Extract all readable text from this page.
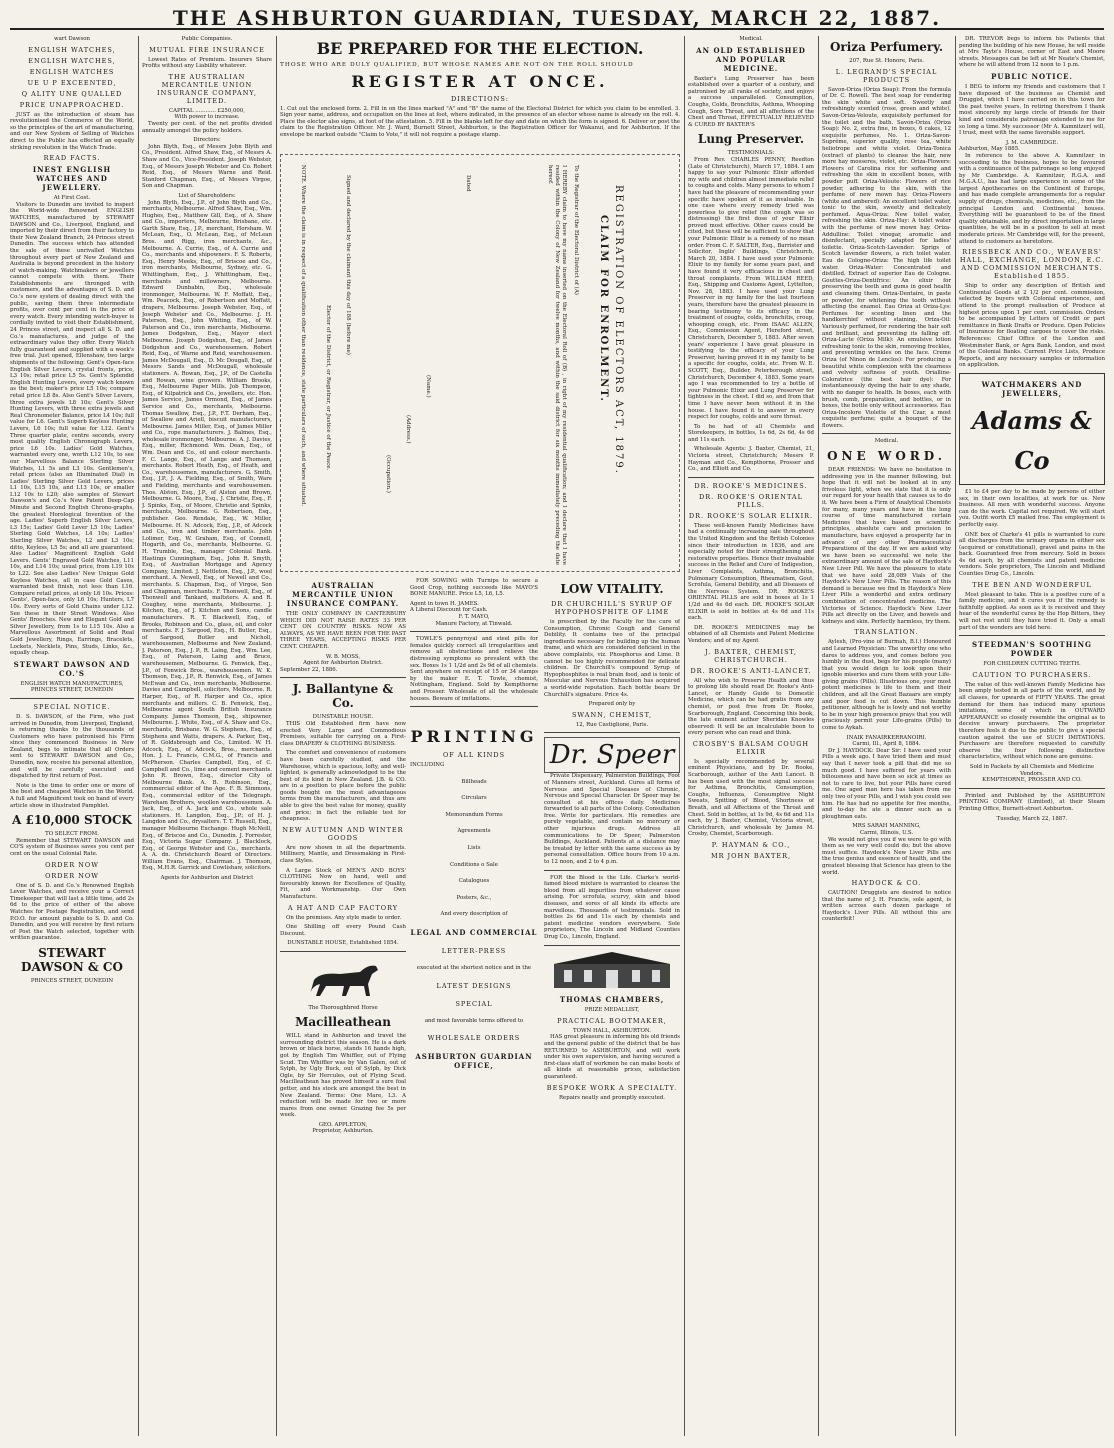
THE ASHBURTON GUARDIAN, TUESDAY, MARCH 22, 1887.
wart Dawson
ENGLISH WATCHES,
ENGLISH WATCHES,
ENGLISH WATCHES
UE U P EXCEENTED,
Q ALITY UNE QUALLED
PRICE UNAPPROACHED.

JUST as the introduction of steam has revolutionised the Commerce of the World, so the principles of the art of manufacturing, and our New System of Selling of Watches direct to the Public has effected an equally striking revolution in the Watch Trade.

READ FACTS.
INEST ENGLISH WATCHES AND JEWELLERY.
At First Cost.

Visitors to Dunedin are invited to inspect the World-wide Renowned ENGLISH WATCHES, manufactured by STEWART DAWSON and Co., Liverpool, England, and imported by their direct from their factory to their New Zealand Branch, 24 Princes street Dunedin. The success which has attended the sale of these unrivalled Watches throughout every part of New Zealand and Australia is beyond precedent in the history of watch-making. Watchmakers or jewellers cannot compete with them. Their Establishments are thronged with customers, and the advantages of S. D. and Co.'s new system of dealing direct with the public, saving them three intermediate profits, over cent per cent in the price of every watch. Every intending watch-buyer is cordially invited to visit their Establishment, 24 Princes street, and inspect all S. D. and Co.'s manufactures, and judge of the extraordinary value they offer. Every Watch fully guaranteed and supplied with a week's free trial. Just opened, Ellenshaw, two large shipments of the following: Gent's Open-face English Silver Levers, crystal fronts, price, L3 10s; retail price L5 5s. Gent's Splendid English Hunting Levers, every watch known as the best; maker's price L5 10s; compare retail price L8 8s. Also Gent's Silver Levers, three extra jewels L8 10s; Gent's Silver Hunting Levers, with three extra jewels and Real Chronometer Balance, price L4 10s; full value for L6. Gent's Superb Keyless Hunting Levers, L6 10s; full value for L12. Gent's Three quarter plate, centre seconds, every most quality English Chronograph Levers, price L6 10s. Ladies' Gold Watches, warranted every one, worth L12 10s, to see our Marvellous Balance Sterling Silver Watches, L1 5s and L3 10s. Gentlemen's, retail prices (also an Illuminated Dial) in Ladies' Sterling Silver Gold Levers, prices L1 10s, L15 10s, and L13 10s, or smaller L12 10s to L20; also samples of Stewart Dawson's and Co.'s New Patent Deep-Cap Minute and Second English Chrono-graphs, the greatest Horological Invention of the age. Ladies' Superb English Silver Levers, L3 15s; Ladies' Gold Lever L5 10s; Ladies' Sterling Gold Watches, L4 10s; Ladies' Sterling Silver Watches, L2 and L3 10s; ditto, Keyless, L5 5s; and all are guaranteed. Also Ladies' Magnificent English Gold Levers. Gents' Engraved Gold Watches, L11 10s, and L14 10s; usual price, from L19 10s to L22. See also Ladies' New Unique Gold Keyless Watches, all in case Gold Cases, warranted best finish, not less than L16. Compare retail prices, at only L6 10s. Prices: Gents', Open-face, only L6 10s; Hunters, L7 10s. Every sorts of Gold Chains under L12. See these in their Street Windows. Also Gents' Brooches. New and Elegant Gold and Silver Jewellery, from 1s to L15 10s. Also a Marvellous Assortment of Solid and Real Gold Jewellery, Rings, Earrings, Bracelets, Lockets, Necklets, Pins, Studs, Links, &c., equally cheap.

STEWART DAWSON AND CO.'S
ENGLISH WATCH MANUFACTURES,
PRINCES STREET, DUNEDIN
SPECIAL NOTICE.

D. S. DAWSON, of the Firm, who just arrived in Dunedin, from Liverpool, England, is returning thanks to the thousands of Customers who have patronised his Firm since they commenced Business in New Zealand, begs to intimate that all Orders sent to STEWART DAWSON and Co., Dunedin, now, receive his personal attention, and will be carefully executed and dispatched by first return of Post.

Note is the time to order one or more of the best and cheapest Watches in the World. A full and Magnificent took on hand of every article show in illustrated Pamphlet.

A £10,000 STOCK
TO SELECT FROM.

Remember that STEWART DAWSON and CO'S system of Business saves you cent per cent on the usual Colonial Rate.

ORDER NOW
ORDER NOW

One of S. D. and Co.'s Renowned English Lever Watches, and receive your a Correct Timekeeper that will last a little time, add 2s 6d to the price of either of the above Watches for Postage Registration, and send P.O.O. for amount payable to S. D. and Co. Dunedin, and you will receive by first return of Post the Watch selected, together with written guarantee.

STEWART DAWSON & CO
PRINCES STREET, DUNEDIN
Public Companies.
MUTUAL FIRE INSURANCE

Lowest Rates of Premium. Insurers Share Profits without any Liability whatever.

THE AUSTRALIAN MERCANTILE UNION INSURANCE COMPANY, LIMITED.
CAPITAL ............ £250,000,
With power to increase.

Twenty per cent. of the net profits divided annually amongst the policy holders.

Directors:

John Blyth, Esq., of Messrs John Blyth and Co., President. Alfred Shaw, Esq., of Messrs A. Shaw and Co., Vice-President. Joseph Webster, Esq., of Messrs Joseph Webster and Co. Robert Reid, Esq., of Messrs Warne and Reid. Stanford Chapman, Esq., of Messrs Virgoe, Son and Chapman.

List of Shareholders:

John Blyth, Esq., J.P., of John Blyth and Co., merchants, Melbourne. Alfred Shaw, Esq., Wm. Hughes, Esq., Matthew Gill, Esq., of A. Shaw and Co., importers, Melbourne, Brisbane, etc. Garth Shaw, Esq., J.P., merchant, Horsham. W. McLean, Esq., O. McLean, Esq., of McLean Bros. and Rigg, iron merchants, &c., Melbourne. A. Currie, Esq., of A. Currie and Co., merchants and shipowners. F. S. Roberts, Esq., Henry Meeks, Esq., of Briscoe and Co., iron merchants, Melbourne, Sydney, etc. G. Whittingham, Esq., J. Whittingham, Esq., merchants and millowners, Melbourne. Edward Dunbabin, Esq., wholesale ironmonger, Melbourne. W. F. Moffatt, Esq., Wm. Peacock, Esq., of Robertson and Moffatt, drapers, Melbourne. Joseph Webster, Esq., of Joseph Webster and Co., Melbourne. J. H. Paterson, Esq., John Whiting, Esq., of W. Paterson and Co., iron merchants, Melbourne. James Dodgshun, Esq., Mayor elect Melbourne. Joseph Dodgshun, Esq., of James Dodgshun and Co., warehousemen. Robert Reid, Esq., of Warne and Reid, warehousemen. James McDougall, Esq., D. Mc Dougall, Esq., of Messrs Sands and McDougall, wholesale stationers. A. Rowan, Esq., J.P., of De Castella and Rowan, wine growers. William Brooks, Esq., Melbourne Paper Mills. Job Thompson, Esq., of Kilpatrick and Co., jewellers, etc. Hon. James Service, James Ormond, Esq., of James Service and Co., merchants, Melbourne. Thomas Swallow, Esq., J.P., F.T. Derham, Esq., of Swallow and Ariell, biscuit manufacturers, Melbourne. James Miller, Esq., of James Miller and Co., rope manufacturers. J. Balmes, Esq., wholesale ironmonger, Melbourne. A. J. Davies, Esq., miller, Richmond. Wm. Dean, Esq., of Wm. Dean and Co., oil and colour merchants. F. C. Lange, Esq., of Lange and Thomsen, merchants. Robert Heath, Esq., of Heath, and Co., warehousemen, manufacturers. G. Smith, Esq., J.P., J. A. Fielding, Esq., of Smith, Ware and Fielding, merchants and warehousemen. Thos. Alston, Esq., J.P., of Alston and Brown, Melbourne. G. Moore, Esq., J. Christie, Esq., F. J. Spinks, Esq., of Moore, Christie and Spinks, merchants, Melbourne. G. Robertson, Esq., publisher. Geo. Rendale, Esq., W. Miller, Melbourne. H. N. Adcock, Esq., J.P., of Adcock and Co., iron and timber merchants. John Lolimer, Esq., W. Graham, Esq., of Connell, Hogarth, and Co., merchants, Melbourne. G. H. Trumble, Esq., manager Colonial Bank. Hastings Cunningham, Esq., John R. Smyth, Esq., of Australian Mortgage and Agency Company, Limited. J. Nettleton, Esq., J.P., wool merchant. A. Newell, Esq., of Newell and Co., merchants. S. Chapman, Esq., of Virgoe, Son and Chapman, merchants. F. Thonwell, Esq., of Thonwell and Tankard, maltsters. A. and R. Coughey, wine merchants, Melbourne. J. Kitchen, Esq., of J. Kitchen and Sons, candle manufacturers. R. T. Blackwell, Esq., of Brooks, Robinson and Co., glass, oil, and color merchants. F. J. Sargood, Esq., H. Butler, Esq., of Sargood, Butler and Nicholl, warehousemen, Melbourne and New Zealand. J. Paterson, Esq., J. P., R. Laing, Esq., Wm. Lee, Esq., of Paterson, Laing and Bruce, warehousemen, Melbourne. G. Fenwick, Esq., J.P., of Fenwick Bros., warehousemen. W. K. Thomson, Esq., J.P., R. Renwick, Esq., of James McEwan and Co., iron merchants, Melbourne. Davies and Campbell, solicitors, Melbourne. R. Harper, Esq., of R. Harper and Co., spice merchants and millers. C. B. Fenwick, Esq., Melbourne agent South British Insurance Company. James Thomson, Esq., shipowner, Melbourne. J. White, Esq., of A. Shaw and Co., merchants, Brisbane. W. G. Stephens, Esq., of Stephens and Watts, drapers. A. Parker, Esq., of R. Goldsbrough and Co., Limited. W. H. Adcock, Esq., of Adcock, Bros., merchants. Hon. J. L. Francis, C.M.G., of Francis and McPherson. Charles Campbell, Esq., of C. Campbell and Co., lime and cement merchants. John R. Brown, Esq., director City of Melbourne Bank. A. B. Robinson, Esq., commercial editor of the Age. F. B. Simmons, Esq., commercial editor of the Telegraph. Wareham Brothers, woollen warehousemen. A. Jack, Esq., of A. Jack and Co., whole sale stationers. H. Langdon, Esq., J.P.; of H. J. Langdon and Co., drysalters. T. T. Russell, Esq., manager Melbourne Exchange. Hugh McNeill, Esq., of Briscoe and Co., Dunedin. J. Forrester, Esq., Victoria Sugar Company. J. Blacklock, Esq., of George Webster and Co., merchants. A. A. dn. Christchurch Board of Directors. William Evans, Esq., Chairman. J. Thomson, Esq., M.H.R. Garrick and Cowlishaw, solicitors.

Agents for Ashburton and District
BE PREPARED FOR THE ELECTION.
THOSE WHO ARE DULY QUALIFIED, BUT WHOSE NAMES ARE NOT ON THE ROLL SHOULD
REGISTER AT ONCE.
DIRECTIONS:

1. Cut out the enclosed form. 2. Fill in on the lines marked "A" and "B" the name of the Electoral District for which you claim to be enrolled. 3. Sign your name, address, and occupation on the lines at foot, where indicated, in the presence of an elector whose name is already on the roll. 4. Place the elector also signs, at foot of the attestation. 5. Fill in the blanks left for day and date on which the form is signed. 6. Deliver or post the claim to the Registration Officer. Mr. J. Ward, Burnett Street, Ashburton, is the Registration Officer for Wakanui, and for Ashburton. If the envelope be marked outside "Claim to Vote," it will not require a postage stamp.

REGISTRATION OF ELECTORS ACT, 1879.
CLAIM FOR ENROLMENT.
To the Registrar of the Electoral District of (A)
I HEREBY claim to have my name inserted on the Electoral Roll of (B) , in right of my residential qualification; and I declare that I have resided within the Colony of New Zealand for twelve months, and within the said district for six months immediately preceding the date hereof.
(Name.)
(Address.)
(Occupation.)
Dated
Signed and declared by the claimant this day of 188 (before me)
Elector of the District, or Registrar, or Justice of the Peace.
NOTE. Where the claim is in respect of a qualification other than residence, state particulars of such, and where situated.
AUSTRALIAN MERCANTILE UNION INSURANCE COMPANY.

THE ONLY COMPANY IN CANTERBURY WHICH DID NOT RAISE RATES 33 PER CENT ON COUNTRY RISKS. NOW AS ALWAYS, AS WE HAVE BEEN FOR THE PAST THREE YEARS, ACCEPTING RISKS PER CENT. CHEAPER.

W. B. MOSS,
Agent for Ashburton District.
September 22, 1886.
J. Ballantyne & Co.
DUNSTABLE HOUSE.

THIS Old Established firm have now erected Very Large and Commodious Premises, suitable for carrying on a First-class DRAPERY & CLOTHING BUSINESS.

The comfort and convenience of customers have been carefully studied, and the Warehouse, which is spacious, lofty, and well-lighted, is generally acknowledged to be the best of its kind in New Zealand. J.B. & CO. are in a position to place before the public goods bought on the most advantageous terms from the manufacturers, and thus are able to give the best value for money, quality and price; in fact the reliable test for cheapness.

NEW AUTUMN AND WINTER GOODS

Are now shown in all the departments. Millinery, Mantle, and Dressmaking in First-class Styles.

A Large Stock of MEN'S AND BOYS' CLOTHING Now on hand, well and favourably known for Excellence of Quality, Fit, and Workmanship. Our Own Manufacture.

A HAT AND CAP FACTORY

On the premises. Any style made to order.

One Shilling off every Pound Cash Discount.

DUNSTABLE HOUSE, Established 1854.
The Thoroughbred Horse
Macilleathean

WILL stand in Ashburton and travel the surrounding district this season. He is a dark brown or black horse, stands 16 hands high, got by English Tim Whiffler, out of Flying Scud. Tim Whiffler was by Van Galen, out of Sylph, by Ugly Buck, out of Sylph, by Dick Ogle, by Sir Hercules, out of Flying Scud. Macilleathean has proved himself a sure foal getter, and his stock are amongst the best in New Zealand. Terms: One Mare, L3. A reduction will be made for two or more mares from one owner. Grazing fee 5s per week.

GEO. APPLETON,
Proprietor, Ashburton.

FOR SOWING with Turnips to secure a Good Crop, nothing succeeds like MAYO'S BONE MANURE. Price L5, L6, L5.

Agent in town H. JAMES.
A Liberal Discount for Cash.
F. T. MAYO,
Manure Factory, at Tinwald.

TOWLE'S pennyroyal and steel pills for females quickly correct all irregularities and remove all obstructions and relieve the distressing symptoms so prevalent with the sex. Boxes 1s 1 1/2d and 2s 9d of all chemists. Sent anywhere on receipt of 15 or 34 stamps by the maker E. T. Towle, chemist, Nottingham, England. Sold by Kempthorne and Prosser. Wholesale of all the wholesale houses. Beware of imitations.

PRINTING
OF ALL KINDS
INCLUDING
Billheads
Circulars
Memorandum Forms
Agreements
Lists
Conditions o Sale
Catalogues
Posters, &c.,
And every description of
LEGAL AND COMMERCIAL
LETTER-PRESS
executed at the shortest notice and in the
LATEST DESIGNS
SPECIAL
and most favorable terms offered to
WHOLESALE ORDERS
ASHBURTON GUARDIAN OFFICE,
LOW VITALITY.
DR CHURCHILL'S SYRUP OF HYPOPHOSPHITE OF LIME

is prescribed by the Faculty for the cure of Consumption, Chronic Cough and General Debility. It contains two of the principal ingredients necessary for building up the human frame, and which are considered deficient in the above complaints, viz. Phosphorus and Lime. It cannot be too highly recommended for delicate children. Dr Churchill's compound Syrup of Hypophosphites is real brain food, and is tonic of Muscular and Nervous Exhaustion has acquired a world-wide reputation. Each bottle bears Dr Churchill's signature. Price 4s.

Prepared only by
SWANN, CHEMIST,
12, Rue Castiglione, Paris.
Dr. Speer

Private Dispensary, Palmerston Buildings, Foot of Manners street, Auckland. Cures all forms of Nervous and Special Diseases of Chronic, Nervous and Special Character. Dr Speer may be consulted at his offices daily. Medicines forwarded to all parts of the Colony. Consultation free. Write for particulars. His remedies are purely vegetable, and contain no mercury or other injurious drugs. Address all communications to Dr Speer, Palmerston Buildings, Auckland. Patients at a distance may be treated by letter with the same success as by personal consultation. Office hours from 10 a.m. to 12 noon, and 2 to 4 p.m.

FOR the Blood is the Life. Clarke's world-famed blood mixture is warranted to cleanse the blood from all impurities from whatever cause arising. For scrofula, scurvy, skin and blood diseases, and sores of all kinds its effects are marvellous. Thousands of testimonials. Sold in bottles 2s 6d and 11s each by chemists and patent medicine vendors everywhere. Sole proprietors, The Lincoln and Midland Counties Drug Co., Lincoln, England.

THOMAS CHAMBERS,
PRIZE MEDALLIST,
PRACTICAL BOOTMAKER,
TOWN HALL, ASHBURTON.

HAS great pleasure in informing his old friends and the general public of the district that he has RETURNED to ASHBURTON, and will work under his own supervision, and having secured a first-class staff of workmen he can make boots of all kinds at reasonable prices, satisfaction guaranteed.

BESPOKE WORK A SPECIALTY.
Repairs neatly and promptly executed.
Medical.
AN OLD ESTABLISHED AND POPULAR MEDICINE.

Baxter's Lung Preserver has been established over a quarter of a century, and patronised by all ranks of society, and enjoys a success unparalleled. Consumption, Coughs, Colds, Bronchitis, Asthma, Whooping Cough, Sore Throat, and all affections of the Chest and Throat, EFFECTUALLY RELIEVED & CURED BY BAXTER'S

Lung Preserver.
TESTIMONIALS:

From Rev. CHARLES PENNY, Reedton (Late of Christchurch), March 17, 1884. I am happy to say your Pulmonic Elixir afforded my wife and children almost immediate relief to coughs and colds. Many persons to whom I have had the pleasure of recommending your specific have spoken of it as invaluable. In one case where every remedy tried was powerless to give relief (the cough was so distressing) the first dose of your Elixir proved most effective. Other cases could be cited, but these will be sufficient to show that your Pulmonic Elixir is a remedy of no mean order. From C. F. SALTER, Esq., Barrister and Solicitor, Inglis' Buildings, Christchurch, March 20, 1884. I have used your Pulmonic Elixir to my family for some years past, and have found it very efficacious in chest and throat complaints. From WILLIAM REED, Esq., Shipping and Customs Agent, Lyttelton, Nov. 28, 1883. I have used your Lung Preserver in my family for the last fourteen years, therefore have the greatest pleasure in bearing testimony to its efficacy in the treatment of coughs, colds, bronchitis, croup, whooping cough, etc. From ISAAC ALLEN, Esq., Commission Agent, Hereford street, Christchurch, December 5, 1883. After seven years' experience I have great pleasure in testifying to the efficacy of your Lung Preserver, having proved it in my family to be a specific for coughs, colds, etc. From W. E. SCOTT, Esq., Builder, Peterborough street, Christchurch, December 4, 1883. Some years ago I was recommended to try a bottle of your Pulmonic Elixir and Lung Preserver for tightness in the chest. I did so, and from that time I have never been without it in the house. I have found it to answer in every respect for coughs, colds and sore throat.

To be had of all Chemists and Storekeepers, in bottles, 1s 6d, 2s 6d, 4s 6d and 11s each.

Wholesale Agents: J. Baxter, Chemist, 21, Victoria street, Christchurch; Messrs P. Hayman and Co., Kempthorne, Prosser and Co., and Elliott and Co.

DR. ROOKE'S MEDICINES.
DR. ROOKE'S ORIENTAL PILLS.
DR. ROOKE'S SOLAR ELIXIR.

These well-known Family Medicines have had a continually increasing sale throughout the United Kingdom and the British Colonies since their introduction in 1836, and are especially noted for their strengthening and restorative properties. Hence their invaluable success in the Relief and Cure of Indigestion, Liver Complaints, Asthma, Bronchitis, Pulmonary Consumption, Rheumatism, Gout, Scrofula, General Debility, and all Diseases of the Nervous System. DR. ROOKE'S ORIENTAL PILLS are sold in boxes at 1s 1 1/2d and 4s 6d each. DR. ROOKE'S SOLAR ELIXIR is sold in bottles at 4s 6d and 11s each.

DR. ROOKE'S MEDICINES may be obtained of all Chemists and Patent Medicine Vendors; and of my Agent

J. BAXTER, CHEMIST, CHRISTCHURCH.
DR. ROOKE'S ANTI-LANCET.

All who wish to Preserve Health and thus to prolong life should read Dr. Rooke's Anti-Lancet, or Handy Guide to Domestic Medicine, which can be had gratis from any chemist, or post free from Dr. Rooke, Scarborough, England. Concerning this book, the late eminent author Sheridan Knowles observed: It will be an incalculable boon to every person who can read and think.

CROSBY'S BALSAM COUGH ELIXIR

Is specially recommended by several eminent Physicians, and by Dr. Rooke, Scarborough, author of the Anti Lancet. It has been used with the most signal success for Asthma, Bronchitis, Consumption, Coughs, Influenza, Consumptive Night Sweats, Spitting of Blood, Shortness of Breath, and all Affections of the Throat and Chest. Sold in bottles, at 1s 9d, 4s 6d and 11s each, by J. Baxter, Chemist, Victoria street, Christchurch, and wholesale by James M. Crosby, Chemist, Scarborough.

P. HAYMAN & CO.,
MR JOHN BAXTER,
Oriza Perfumery.
207, Rue St. Honore, Paris.
L. LEGRAND'S SPECIAL PRODUCTS

Savon-Oriza (Oriza Soap): From the formula of Dr. C. Rowell. The best soap for rendering the skin white and soft. Sweetly and refreshingly scented (rose, green and white). Savon-Oriza-Veloute, exquisitely perfumed for the toilet and the bath. Savon-Oriza (Oriza Soap): No. 2, extra fine, in boxes, 6 cakes, 12 exquisite perfumes, No. 1. Oriza-Savon-Suprême, superior quality, rose tea, white heliotrope and white violet. Oriza-Tonica (extract of plants) to cleanse the hair, new more hay mosseres, violet, etc. Oriza-Flowers: Flowers of Carolina rice for softening and refreshing the skin in excellent boxes, with powder puff. Oriza-Veloute: Flowers of rice powder, adhering to the skin, with the perfume of new mown hay. Oriza-Flowers (white and ambered): An excellent toilet water, tonic to the skin, sweetly and delicately perfumed. Aqua-Oriza: New toilet water, refreshing the skin. Oriza-Hay: A toilet water with the perfume of new mown hay. Oriza-Addulline: Toilet vinegar, aromatic and disinfectant, specially adapted for ladies' toilette. Oriza-Scotch-Lavender: Sprigs of Scotch lavender flowers, a rich toilet water. Eau de Cologne-Oriza: The high life toilet water. Oriza-Water: Concentrated and distilled. Extract of superior Eau de Cologne. Gouttes-Oriza-Dentifrice: An elixir for preserving the teeth and gums in good health and cleansing them. Oriza-Dentaire, in paste or powder, for whitening the tooth without affecting the enamel. Eau Oriza at Oriza-Lys: Perfumes for scenting linen and the handkerchief without staining. Oriza-Oil: Variously perfumed, for rendering the hair soft and brilliant, and preventing its falling off. Oriza-Lacte (Oriza Milk): An emulsive lotion refreshing tonic to the skin, removing freckles, and preventing wrinkles on the face. Creme Oriza (of Ninon de Lenclos): For producing a beautiful white complexion with the clearness and velvety softness of youth. Orialline-Coloratrice (the best hair dye): For instantaneously dyeing the hair to any shade, with no danger to health. In boxes, each with brush, comb, preparation, and bottles, or in boxes, the bottle only without accessories. Eau Oriza-Incolore Violette of the Czar, a most exquisite perfume; quite a bouquet of the flowers.

Medical.
ONE WORD.

DEAR FRIENDS: We have no hesitation in addressing you in the manner following, but hope that it will not be looked at in any frivolous light, when we state that it is only our regard for your health that causes us to do it. We have been a Firm of Analytical Chemists for many, many years and have in the long course of time manufactured certain Medicines that have based on scientific principles, absolute care and precision in manufacture, have enjoyed a prosperity far in advance of any other Pharmaceutical Preparations of the day. If we are asked why we have been so successful we note the extraordinary amount of the sale of Haydock's New Liver Pill. We have the pleasure to state that we have sold 28,089 Vials of the Haydock's New Liver Pills. The reason of this demand is because we find in Haydock's New Liver Pills a wonderful and extra ordinary combination of concentrated medicine. The Victories of Science. Haydock's New Liver Pills act directly on the Liver, and bowels and kidneys and skin. Perfectly harmless, try them.

TRANSLATION.

Aylesh, (Pro-vine of Burmah, B.I.) Honoured and Learned Physician: The unworthy one who dares to address you, and comes before you humbly in the dust, begs for his people (many) that you would deign to look upon their ignoble miseries and cure them with your Life-giving grains (Pills). Illustrious one, your most potent medicines is life to them and their children, and all the Great Bazaars are empty and poor food is cut down. This humble petitioner, although he is lowly and not worthy to be in your high presence prays that you will graciously permit your Life-grains (Pills) to come to Aykah.

INAIK FANAIRKERRANOIRI.
Carmi, Ill., April 8, 1884.

Dr J. HAYDOCK: Dear Sir: I have used your Pills a week ago. I have tried them and must say that I never took a pill that did me so much good. I have suffered for years with biliousness and have been so sick at times as not to care to live, but your Pills have cured me. One aged man here has taken from me only two of your Pills, and I wish you could see him. He has had no appetite for five months, and to-day he ate a dinner such as a ploughman eats.

MRS SARAH MANNING,
Carmi, Illinois, U.S.

We would not give you if we were to go with them as we very well could do; but the above must suffice. Haydock's New Liver Pills are the true genius and essence of health, and the greatest blessing that Science has given to the world.

HAYDOCK & CO.

CAUTION! Druggists are desired to notice that the name of J. H. Francis, sole agent, is written across each dozen package of Haydock's Liver Pills. All without this are counterfeit!

DR. TREVOR begs to inform his Patients that pending the building of his new House, he will reside at Mrs Tayte's House, corner of East and Moore streets. Messages can be left at Mr Neate's Chemist, where he will attend from 12 noon to 1 p.m.

PUBLIC NOTICE.

I BEG to inform my friends and customers that I have disposed of the business as Chemist and Druggist, which I have carried on in this town for the past twelve years. In retiring therefrom I thank most sincerely my large circle of friends for their kind and considerate patronage extended to me for so long a time. My successor (Mr A. Kamnitzer) will, I trust, meet with the same favorable support.

J. M. CAMBRIDGE.
Ashburton, May 1885.

In reference to the above A. Kamnitzer in succeeding to the business, hopes to be favoured with a continuance of the patronage so long enjoyed by Mr Cambridge. A. Kamnitzer, R.G.A. and M.G.A.U., has had large experience in some of the largest Apothecaries on the Continent of Europe, and has made complete arrangements for a regular supply of drugs, chemicals, medicines, etc., from the principal London and Continental houses. Everything will be guaranteed to be of the finest quality obtainable, and by direct importation in large quantities, he will be in a position to sell at most moderate prices. Mr Cambridge will, for the present, attend to customers as heretofore.

RIESSBECK AND CO., WEAVERS' HALL, EXCHANGE, LONDON, E.C. AND COMMISSION MERCHANTS. Established 1855.

Ship to order any description of British and Continental Goods at 2 1/2 per cent. commission, selected by buyers with Colonial experience, and attend to the prompt realisation of Produce at highest prices upon 1 per cent. commission. Orders to be accompanied by Letters of Credit or part remittance in Bank Drafts or Produce. Open Policies of Insurance for floating cargoes to cover the risks. References: Chief Office of the London and Westminster Bank, or Agra Bank, London, and most of the Colonial Banks. Current Price Lists, Produce Reports, and any necessary samples or information on application.

WATCHMAKERS AND JEWELLERS,
Adams & Co

£1 to £4 per day to be made by persons of either sex, in their own localities, at work for us. New business. All men with wonderful success. Anyone can do the work. Capital not required. We will start you. Outfit worth £5 mailed free. The employment is perfectly easy.

ONE box of Clarke's 41 pills is warranted to cure all discharges from the urinary organs in either sex (acquired or constitutional), gravel and pains in the back. Guaranteed free from mercury. Sold in boxes 4s 6d each, by all chemists and patent medicine vendors. Sole proprietors, The Lincoln and Midland Counties Drug Co., Lincoln.

THE BEN AND WONDERFUL

Most pleasant to take. This is a positive cure of a family medicine, and it cures you if the remedy is faithfully applied. As soon as it is received and they hear of the wonderful cures by the Hop Bitters, they will not rest until they have tried it. Only a small part of the wonders are told here.

STEEDMAN'S SOOTHING POWDER
FOR CHILDREN CUTTING TEETH.
CAUTION TO PURCHASERS.

The value of this well-known Family Medicine has been amply tested in all parts of the world, and by all classes, for upwards of FIFTY YEARS. The great demand for them has induced many spurious imitations, some of which in OUTWARD APPEARANCE so closely resemble the original as to deceive unwary purchasers. The proprietor therefore feels it due to the public to give a special caution against the use of SUCH IMITATIONS. Purchasers are therefore requested to carefully observe the four following distinctive characteristics, without which none are genuine.

Sold in Packets by all Chemists and Medicine Vendors.
KEMPTHORNE, PROSSER AND CO.

Printed and Published by the ASHBURTON PRINTING COMPANY (Limited), at their Steam Printing Office, Burnett-street Ashburton.

Tuesday, March 22, 1887.
